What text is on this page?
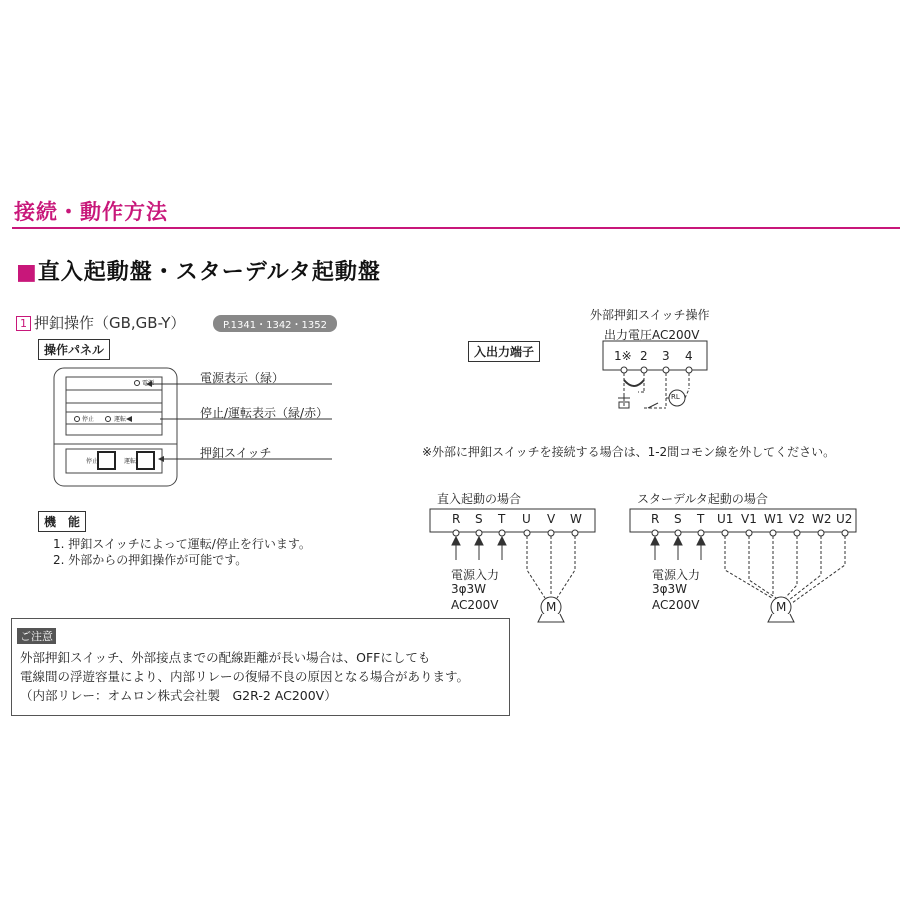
接続・動作方法
■直入起動盤・スターデルタ起動盤
1 押釦操作（GB,GB-Y）	P.1341・1342・1352
操作パネル
電源
停止	運転
停止	運転
電源表示（緑）
停止/運転表示（緑/赤）
押釦スイッチ
機　能
1. 押釦スイッチによって運転/停止を行います。
2. 外部からの押釦操作が可能です。
外部押釦スイッチ操作
入出力端子
出力電圧AC200V
1※ 2 3 4
RL
※外部に押釦スイッチを接続する場合は、1-2間コモン線を外してください。
直入起動の場合
R S T U V W
電源入力
3φ3W
AC200V	M
スターデルタ起動の場合
R S T U1 V1 W1 V2 W2 U2
電源入力
3φ3W
AC200V	M
ご注意
外部押釦スイッチ、外部接点までの配線距離が長い場合は、OFFにしても
電線間の浮遊容量により、内部リレーの復帰不良の原因となる場合があります。
（内部リレー：オムロン株式会社製　G2R-2 AC200V）
